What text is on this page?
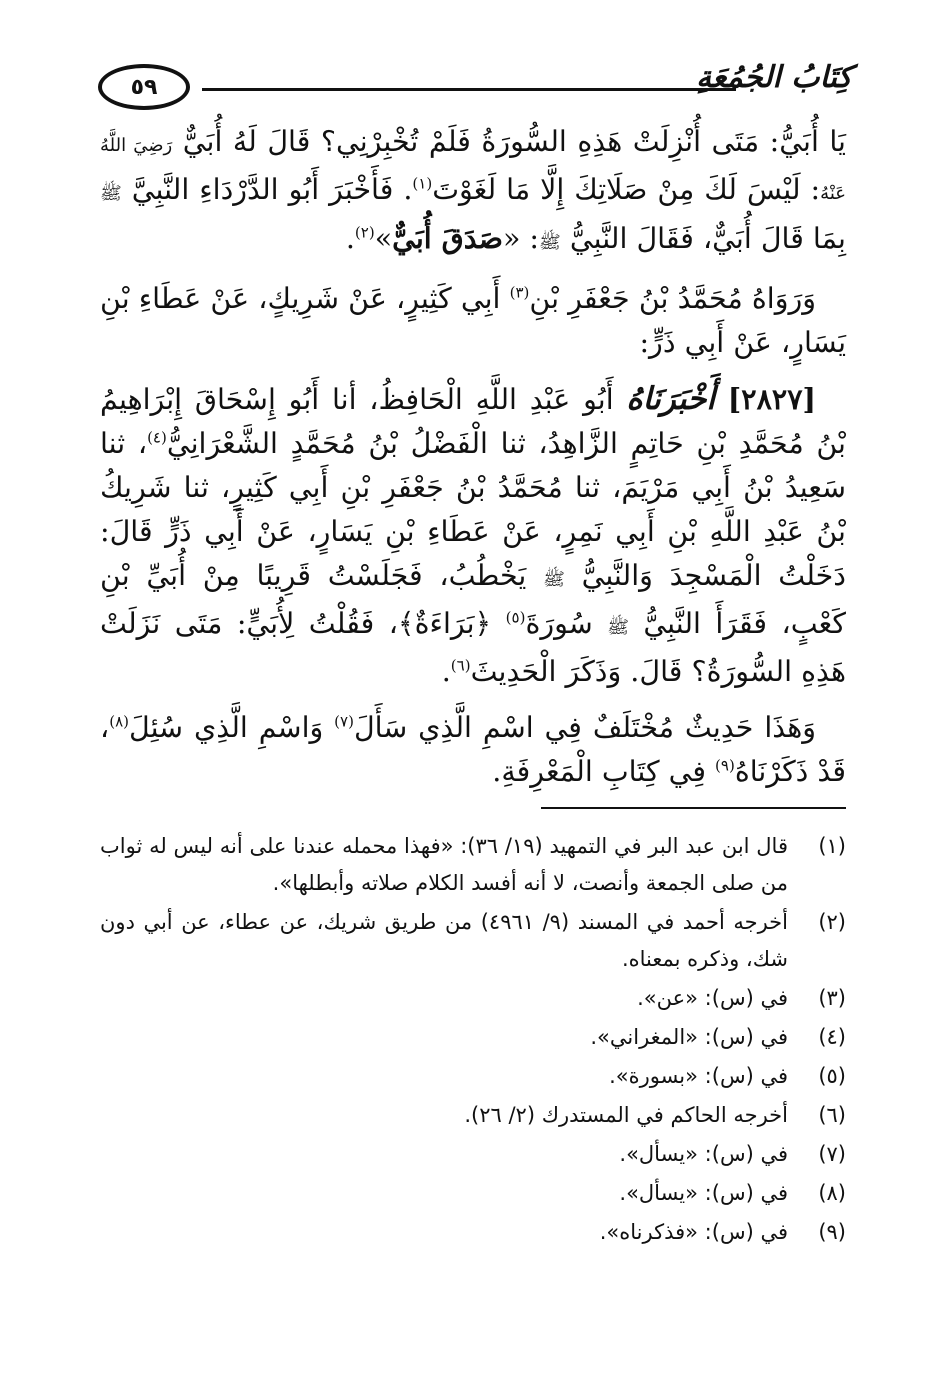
٥٩	كِتَابُ الجُمُعَةِ

يَا أُبَيُّ: مَتَى أُنْزِلَتْ هَذِهِ السُّورَةُ فَلَمْ تُخْبِرْنِي؟ قَالَ لَهُ أُبَيٌّ رَضِيَ اللَّهُ عَنْهُ: لَيْسَ لَكَ مِنْ صَلَاتِكَ إِلَّا مَا لَغَوْتَ$^{(١)}$. فَأَخْبَرَ أَبُو الدَّرْدَاءِ النَّبِيَّ ﷺ بِمَا قَالَ أُبَيٌّ، فَقَالَ النَّبِيُّ ﷺ: «صَدَقَ أُبَيٌّ»$^{(٢)}$.

وَرَوَاهُ مُحَمَّدُ بْنُ جَعْفَرِ بْنِ$^{(٣)}$ أَبِي كَثِيرٍ، عَنْ شَرِيكٍ، عَنْ عَطَاءِ بْنِ يَسَارٍ، عَنْ أَبِي ذَرٍّ:

[٢٨٢٧] أَخْبَرَنَاهُ أَبُو عَبْدِ اللَّهِ الْحَافِظُ، أنا أَبُو إِسْحَاقَ إِبْرَاهِيمُ بْنُ مُحَمَّدِ بْنِ حَاتِمٍ الزَّاهِدُ، ثنا الْفَضْلُ بْنُ مُحَمَّدٍ الشَّعْرَانِيُّ$^{(٤)}$، ثنا سَعِيدُ بْنُ أَبِي مَرْيَمَ، ثنا مُحَمَّدُ بْنُ جَعْفَرِ بْنِ أَبِي كَثِيرٍ، ثنا شَرِيكُ بْنُ عَبْدِ اللَّهِ بْنِ أَبِي نَمِرٍ، عَنْ عَطَاءِ بْنِ يَسَارٍ، عَنْ أَبِي ذَرٍّ قَالَ: دَخَلْتُ الْمَسْجِدَ وَالنَّبِيُّ ﷺ يَخْطُبُ، فَجَلَسْتُ قَرِيبًا مِنْ أُبَيِّ بْنِ كَعْبٍ، فَقَرَأَ النَّبِيُّ ﷺ سُورَةَ$^{(٥)}$ ﴿بَرَاءَةٌ﴾، فَقُلْتُ لِأُبَيٍّ: مَتَى نَزَلَتْ هَذِهِ السُّورَةُ؟ قَالَ. وَذَكَرَ الْحَدِيثَ$^{(٦)}$.

وَهَذَا حَدِيثٌ مُخْتَلَفٌ فِي اسْمِ الَّذِي سَأَلَ$^{(٧)}$ وَاسْمِ الَّذِي سُئِلَ$^{(٨)}$، قَدْ ذَكَرْنَاهُ$^{(٩)}$ فِي كِتَابِ الْمَعْرِفَةِ.

(١)
قال ابن عبد البر في التمهيد (١٩/ ٣٦): «فهذا محمله عندنا على أنه ليس له ثواب من صلى الجمعة وأنصت، لا أنه أفسد الكلام صلاته وأبطلها».
(٢)
أخرجه أحمد في المسند (٩/ ٤٩٦١) من طريق شريك، عن عطاء، عن أبي دون شك، وذكره بمعناه.
(٣)
في (س): «عن».
(٤)
في (س): «المغراني».
(٥)
في (س): «بسورة».
(٦)
أخرجه الحاكم في المستدرك (٢/ ٢٦).
(٧)
في (س): «يسأل».
(٨)
في (س): «يسأل».
(٩)
في (س): «فذكرناه».
